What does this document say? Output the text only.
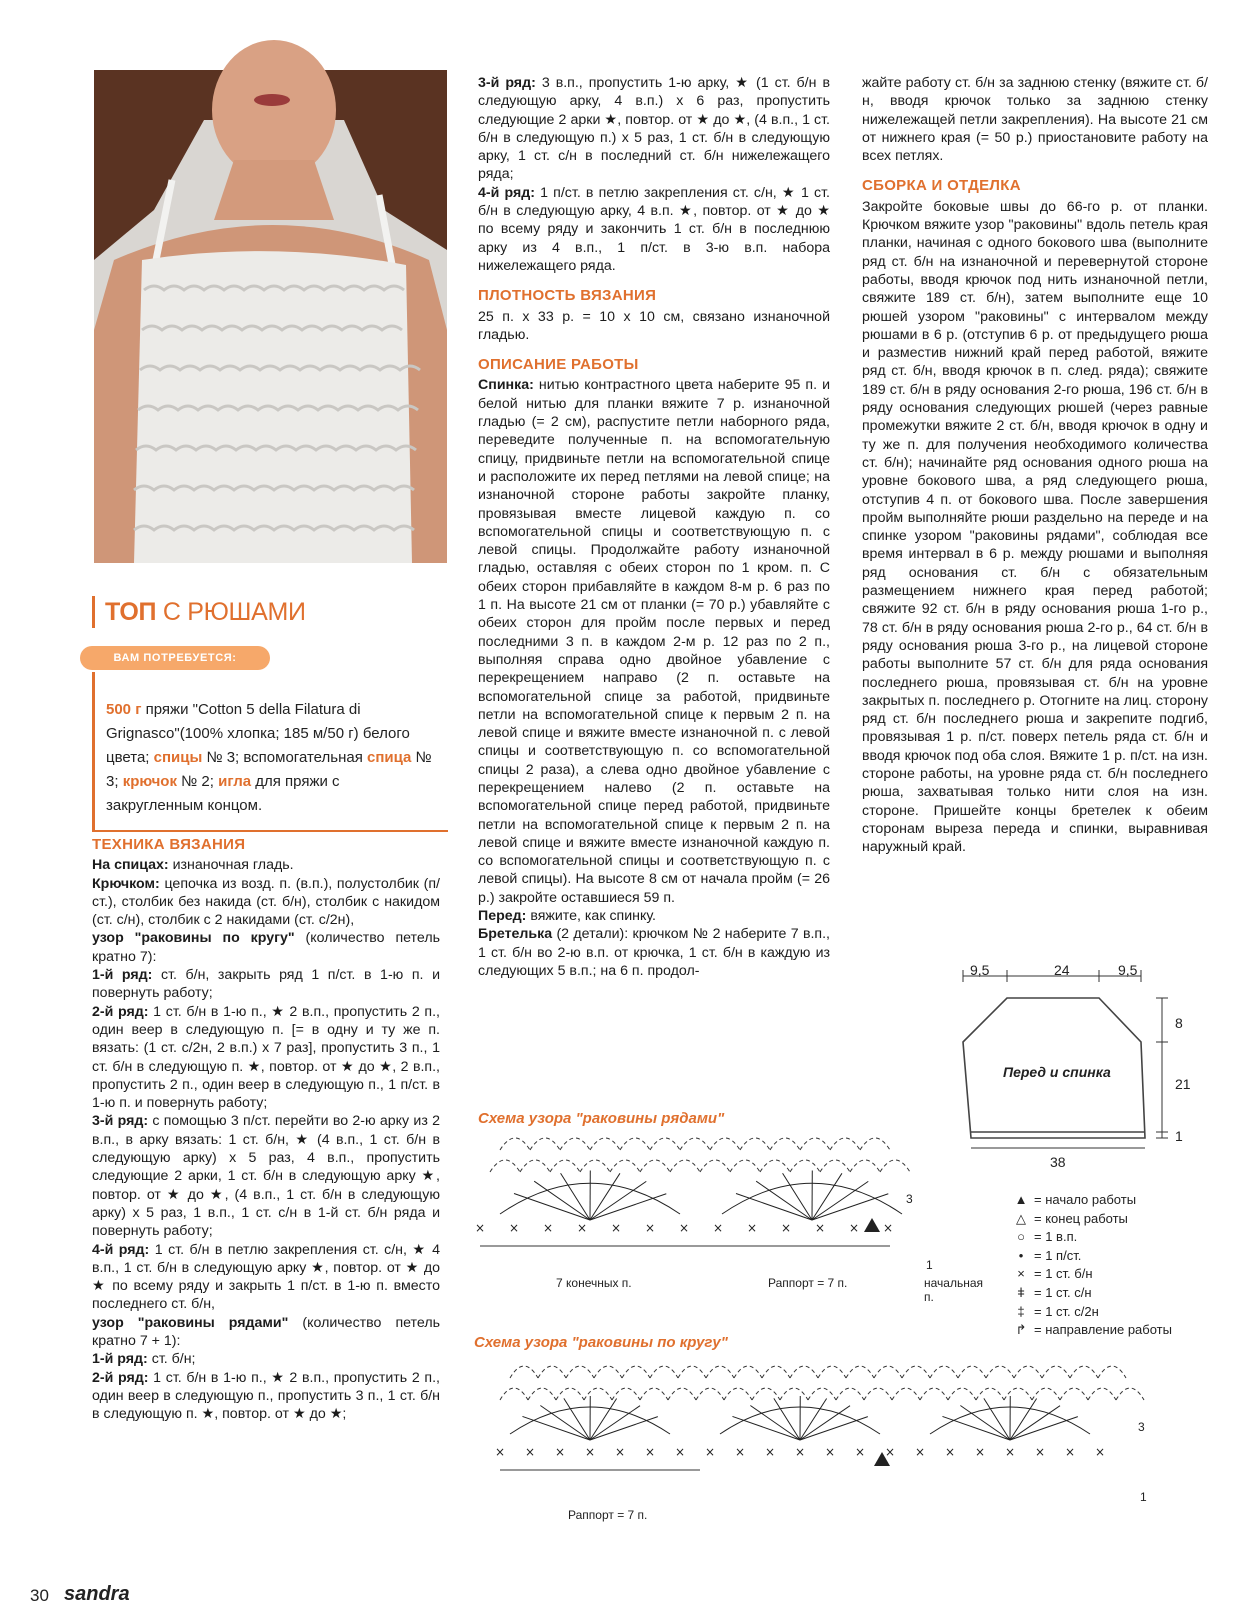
ТОП С РЮШАМИ
ВАМ ПОТРЕБУЕТСЯ:
500 г пряжи "Cotton 5 della Filatura di Grignasco"(100% хлопка; 185 м/50 г) белого цвета; спицы № 3; вспомогательная спица № 3; крючок № 2; игла для пряжи с закругленным концом.
ТЕХНИКА ВЯЗАНИЯ

На спицах: изнаночная гладь.

Крючком: цепочка из возд. п. (в.п.), полустолбик (п/ст.), столбик без накида (ст. б/н), столбик с накидом (ст. с/н), столбик с 2 накидами (ст. с/2н),

узор "раковины по кругу" (количество петель кратно 7):

1-й ряд: ст. б/н, закрыть ряд 1 п/ст. в 1-ю п. и повернуть работу;

2-й ряд: 1 ст. б/н в 1-ю п., ★ 2 в.п., пропустить 2 п., один веер в следующую п. [= в одну и ту же п. вязать: (1 ст. с/2н, 2 в.п.) х 7 раз], пропустить 3 п., 1 ст. б/н в следующую п. ★, повтор. от ★ до ★, 2 в.п., пропустить 2 п., один веер в следующую п., 1 п/ст. в 1-ю п. и повернуть работу;

3-й ряд: с помощью 3 п/ст. перейти во 2-ю арку из 2 в.п., в арку вязать: 1 ст. б/н, ★ (4 в.п., 1 ст. б/н в следующую арку) х 5 раз, 4 в.п., пропустить следующие 2 арки, 1 ст. б/н в следующую арку ★, повтор. от ★ до ★, (4 в.п., 1 ст. б/н в следующую арку) х 5 раз, 1 в.п., 1 ст. с/н в 1-й ст. б/н ряда и повернуть работу;

4-й ряд: 1 ст. б/н в петлю закрепления ст. с/н, ★ 4 в.п., 1 ст. б/н в следующую арку ★, повтор. от ★ до ★ по всему ряду и закрыть 1 п/ст. в 1-ю п. вместо последнего ст. б/н,

узор "раковины рядами" (количество петель кратно 7 + 1):

1-й ряд: ст. б/н;

2-й ряд: 1 ст. б/н в 1-ю п., ★ 2 в.п., пропустить 2 п., один веер в следующую п., пропустить 3 п., 1 ст. б/н в следующую п. ★, повтор. от ★ до ★;

3-й ряд: 3 в.п., пропустить 1-ю арку, ★ (1 ст. б/н в следующую арку, 4 в.п.) х 6 раз, пропустить следующие 2 арки ★, повтор. от ★ до ★, (4 в.п., 1 ст. б/н в следующую п.) х 5 раз, 1 ст. б/н в следующую арку, 1 ст. с/н в последний ст. б/н нижележащего ряда;

4-й ряд: 1 п/ст. в петлю закрепления ст. с/н, ★ 1 ст. б/н в следующую арку, 4 в.п. ★, повтор. от ★ до ★ по всему ряду и закончить 1 ст. б/н в последнюю арку из 4 в.п., 1 п/ст. в 3-ю в.п. набора нижележащего ряда.

ПЛОТНОСТЬ ВЯЗАНИЯ

25 п. х 33 р. = 10 х 10 см, связано изнаночной гладью.

ОПИСАНИЕ РАБОТЫ

Спинка: нитью контрастного цвета наберите 95 п. и белой нитью для планки вяжите 7 р. изнаночной гладью (= 2 см), распустите петли наборного ряда, переведите полученные п. на вспомогательную спицу, придвиньте петли на вспомогательной спице и расположите их перед петлями на левой спице; на изнаночной стороне работы закройте планку, провязывая вместе лицевой каждую п. со вспомогательной спицы и соответствующую п. с левой спицы. Продолжайте работу изнаночной гладью, оставляя с обеих сторон по 1 кром. п. С обеих сторон прибавляйте в каждом 8-м р. 6 раз по 1 п. На высоте 21 см от планки (= 70 р.) убавляйте с обеих сторон для пройм после первых и перед последними 3 п. в каждом 2-м р. 12 раз по 2 п., выполняя справа одно двойное убавление с перекрещением направо (2 п. оставьте на вспомогательной спице за работой, придвиньте петли на вспомогательной спице к первым 2 п. на левой спице и вяжите вместе изнаночной п. с левой спицы и соответствующую п. со вспомогательной спицы 2 раза), а слева одно двойное убавление с перекрещением налево (2 п. оставьте на вспомогательной спице перед работой, придвиньте петли на вспомогательной спице к первым 2 п. на левой спице и вяжите вместе изнаночной каждую п. со вспомогательной спицы и соответствующую п. с левой спицы). На высоте 8 см от начала пройм (= 26 р.) закройте оставшиеся 59 п.

Перед: вяжите, как спинку.

Бретелька (2 детали): крючком № 2 наберите 7 в.п., 1 ст. б/н во 2-ю в.п. от крючка, 1 ст. б/н в каждую из следующих 5 в.п.; на 6 п. продол-

жайте работу ст. б/н за заднюю стенку (вяжите ст. б/н, вводя крючок только за заднюю стенку нижележащей петли закрепления). На высоте 21 см от нижнего края (= 50 р.) приостановите работу на всех петлях.

СБОРКА И ОТДЕЛКА

Закройте боковые швы до 66-го р. от планки. Крючком вяжите узор "раковины" вдоль петель края планки, начиная с одного бокового шва (выполните ряд ст. б/н на изнаночной и перевернутой стороне работы, вводя крючок под нить изнаночной петли, свяжите 189 ст. б/н), затем выполните еще 10 рюшей узором "раковины" с интервалом между рюшами в 6 р. (отступив 6 р. от предыдущего рюша и разместив нижний край перед работой, вяжите ряд ст. б/н, вводя крючок в п. след. ряда); свяжите 189 ст. б/н в ряду основания 2-го рюша, 196 ст. б/н в ряду основания следующих рюшей (через равные промежутки вяжите 2 ст. б/н, вводя крючок в одну и ту же п. для получения необходимого количества ст. б/н); начинайте ряд основания одного рюша на уровне бокового шва, а ряд следующего рюша, отступив 4 п. от бокового шва. После завершения пройм выполняйте рюши раздельно на переде и на спинке узором "раковины рядами", соблюдая все время интервал в 6 р. между рюшами и выполняя ряд основания ст. б/н с обязательным размещением нижнего края перед работой; свяжите 92 ст. б/н в ряду основания рюша 1-го р., 78 ст. б/н в ряду основания рюша 2-го р., 64 ст. б/н в ряду основания рюша 3-го р., на лицевой стороне работы выполните 57 ст. б/н для ряда основания последнего рюша, провязывая ст. б/н на уровне закрытых п. последнего р. Отогните на лиц. сторону ряд ст. б/н последнего рюша и закрепите подгиб, провязывая 1 р. п/ст. поверх петель ряда ст. б/н и вводя крючок под оба слоя. Вяжите 1 р. п/ст. на изн. стороне работы, на уровне ряда ст. б/н последнего рюша, захватывая только нити слоя на изн. стороне. Пришейте концы бретелек к обеим сторонам выреза переда и спинки, выравнивая наружный край.

9,5	24	9,5
8
21
1
38
Перед и спинка
▲ = начало работы
△ = конец работы
○ = 1 в.п.
• = 1 п/ст.
× = 1 ст. б/н
ǂ = 1 ст. с/н
‡ = 1 ст. с/2н
↱ = направление работы
Схема узора "раковины рядами"
× × × × × × × × × × × × ×
7 конечных п.	Раппорт = 7 п.	начальная п.
3
1
Схема узора "раковины по кругу"
× × × × × × × × × × × × × × × × × × × × ×
Раппорт = 7 п.
3
1
30 sandra
